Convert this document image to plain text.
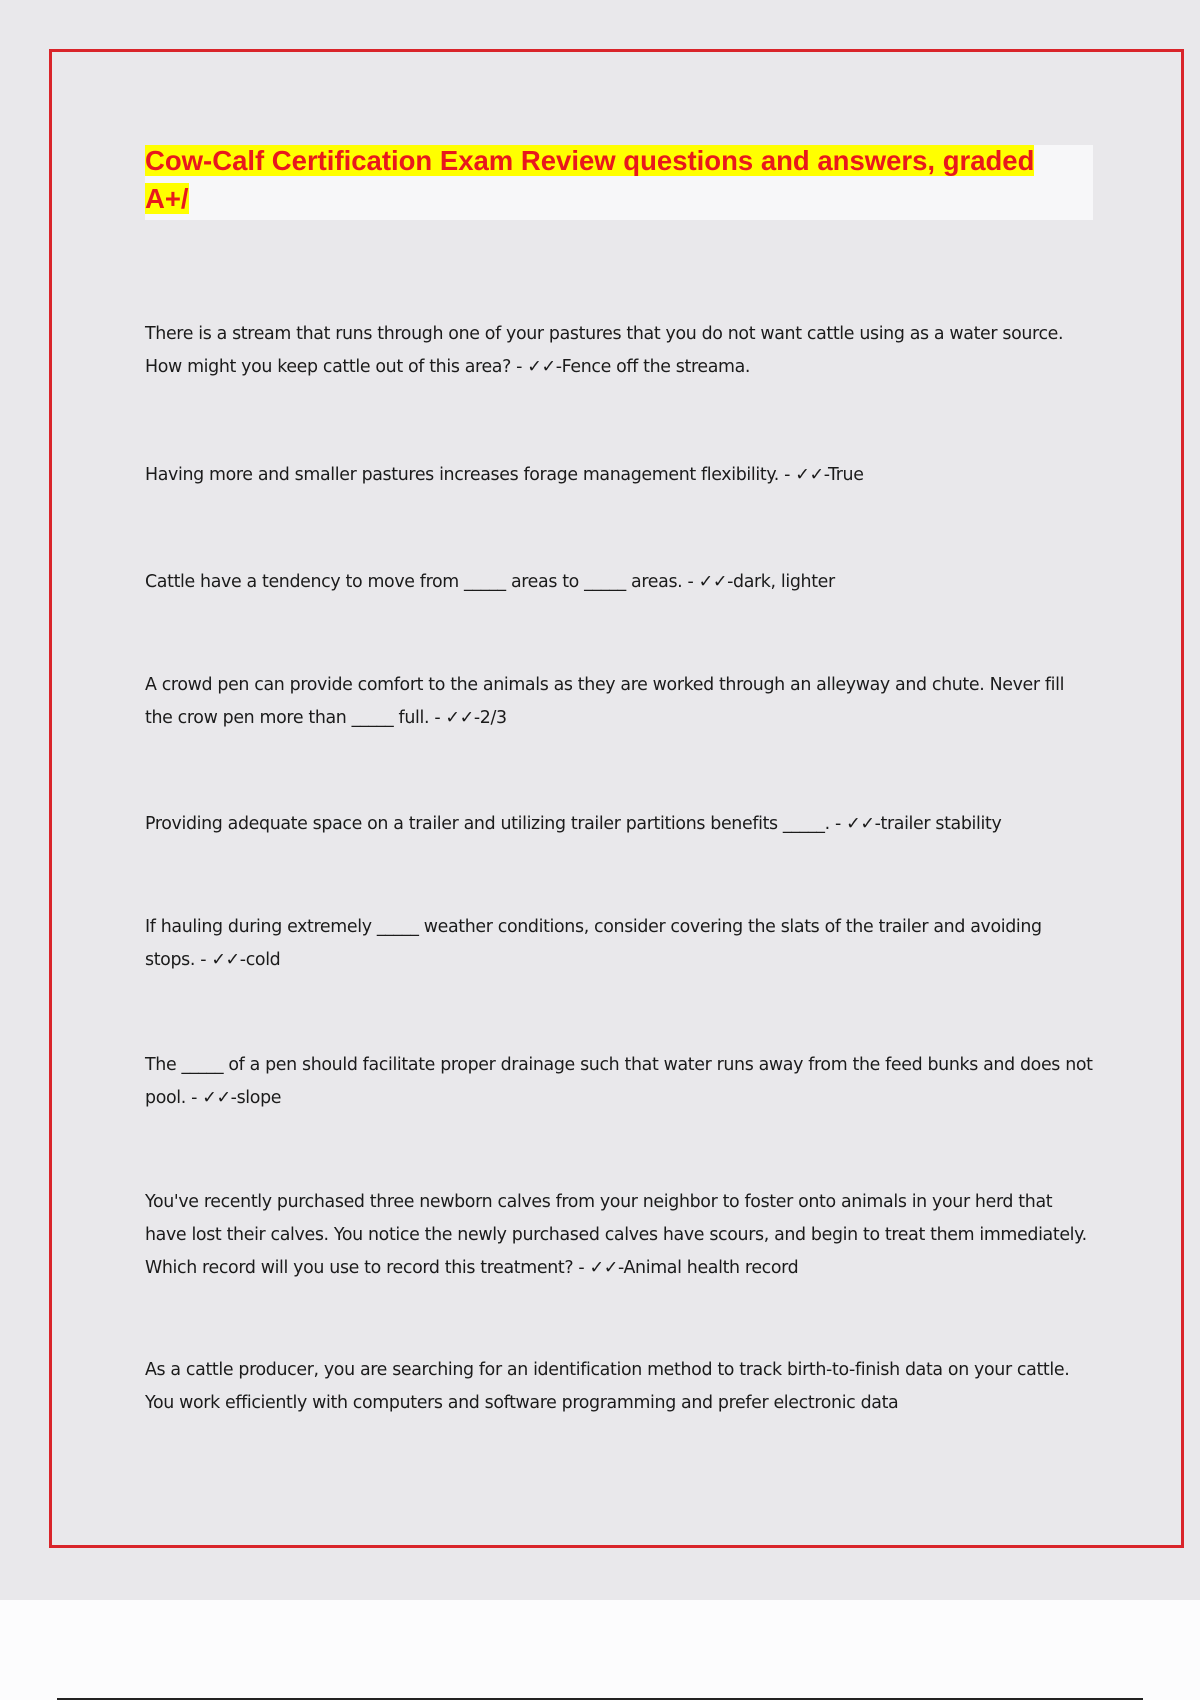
Cow-Calf Certification Exam Review questions and answers, graded A+/

There is a stream that runs through one of your pastures that you do not want cattle using as a water source. How might you keep cattle out of this area? - ✓✓-Fence off the streama.

Having more and smaller pastures increases forage management flexibility. - ✓✓-True

Cattle have a tendency to move from _____ areas to _____ areas. - ✓✓-dark, lighter

A crowd pen can provide comfort to the animals as they are worked through an alleyway and chute. Never fill the crow pen more than _____ full. - ✓✓-2/3

Providing adequate space on a trailer and utilizing trailer partitions benefits _____. - ✓✓-trailer stability

If hauling during extremely _____ weather conditions, consider covering the slats of the trailer and avoiding stops. - ✓✓-cold

The _____ of a pen should facilitate proper drainage such that water runs away from the feed bunks and does not pool. - ✓✓-slope

You've recently purchased three newborn calves from your neighbor to foster onto animals in your herd that have lost their calves. You notice the newly purchased calves have scours, and begin to treat them immediately. Which record will you use to record this treatment? - ✓✓-Animal health record

As a cattle producer, you are searching for an identification method to track birth-to-finish data on your cattle. You work efficiently with computers and software programming and prefer electronic data
